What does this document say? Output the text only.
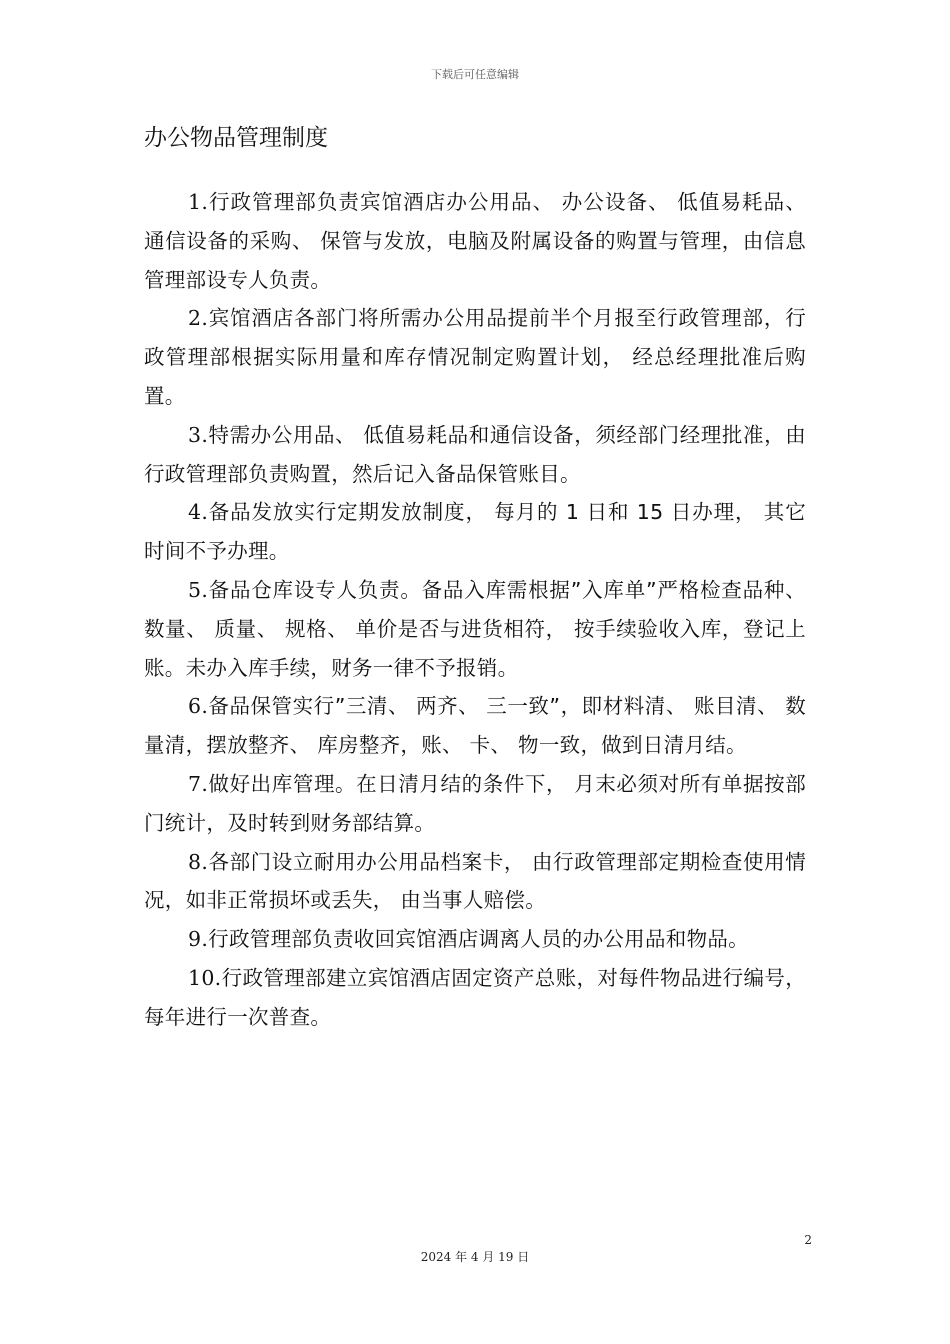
下载后可任意编辑
办公物品管理制度

1.行政管理部负责宾馆酒店办公用品、 办公设备、 低值易耗品、 通信设备的采购、 保管与发放，电脑及附属设备的购置与管理，由信息管理部设专人负责。

2.宾馆酒店各部门将所需办公用品提前半个月报至行政管理部，行政管理部根据实际用量和库存情况制定购置计划， 经总经理批准后购置。

3.特需办公用品、 低值易耗品和通信设备，须经部门经理批准，由行政管理部负责购置，然后记入备品保管账目。

4.备品发放实行定期发放制度， 每月的 1 日和 15 日办理， 其它时间不予办理。

5.备品仓库设专人负责。备品入库需根据”入库单”严格检查品种、 数量、 质量、 规格、 单价是否与进货相符， 按手续验收入库，登记上账。未办入库手续，财务一律不予报销。

6.备品保管实行”三清、 两齐、 三一致”，即材料清、 账目清、 数量清，摆放整齐、 库房整齐，账、 卡、 物一致，做到日清月结。

7.做好出库管理。在日清月结的条件下， 月末必须对所有单据按部门统计，及时转到财务部结算。

8.各部门设立耐用办公用品档案卡， 由行政管理部定期检查使用情况，如非正常损坏或丢失， 由当事人赔偿。

9.行政管理部负责收回宾馆酒店调离人员的办公用品和物品。

10.行政管理部建立宾馆酒店固定资产总账，对每件物品进行编号，每年进行一次普查。

2
2024 年 4 月 19 日
